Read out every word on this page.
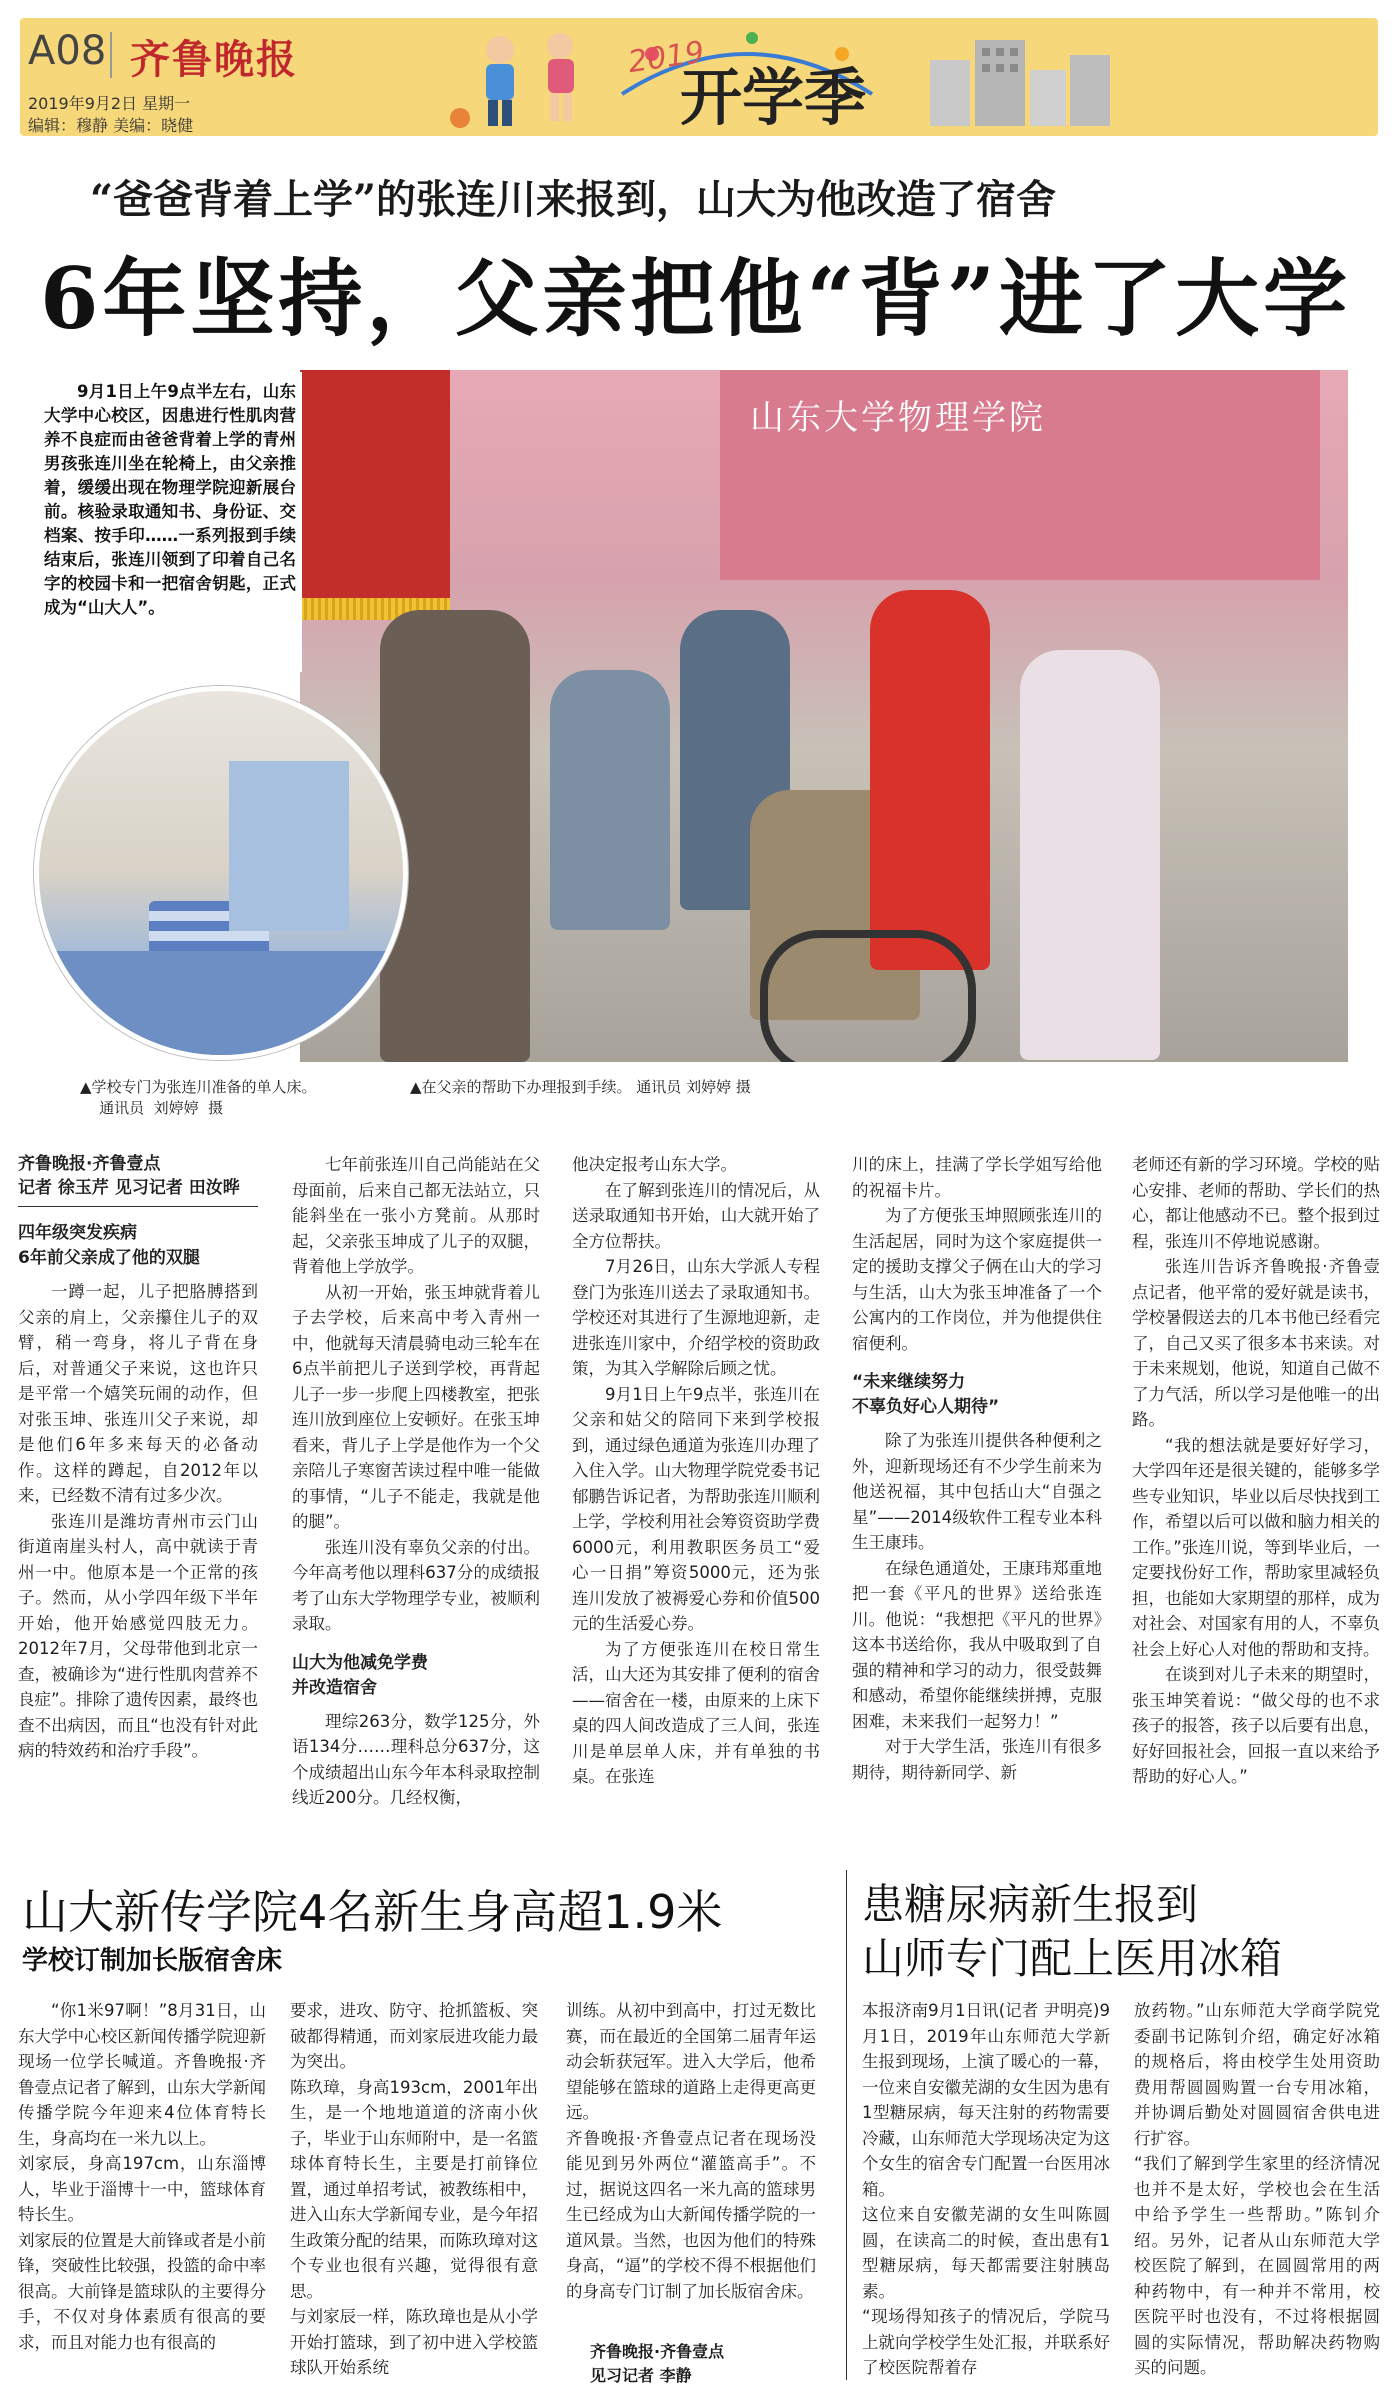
A08 齐鲁晚报
2019年9月2日 星期一
编辑：穆静 美编：晓健
2019
开学季
“爸爸背着上学”的张连川来报到，山大为他改造了宿舍
6年坚持，父亲把他“背”进了大学
山东大学物理学院

9月1日上午9点半左右，山东大学中心校区，因患进行性肌肉营养不良症而由爸爸背着上学的青州男孩张连川坐在轮椅上，由父亲推着，缓缓出现在物理学院迎新展台前。核验录取通知书、身份证、交档案、按手印……一系列报到手续结束后，张连川领到了印着自己名字的校园卡和一把宿舍钥匙，正式成为“山大人”。

▲学校专门为张连川准备的单人床。
通讯员  刘婷婷  摄
▲在父亲的帮助下办理报到手续。 通讯员 刘婷婷 摄
齐鲁晚报·齐鲁壹点
记者 徐玉芹 见习记者 田汝晔
四年级突发疾病
6年前父亲成了他的双腿

一蹲一起，儿子把胳膊搭到父亲的肩上，父亲攥住儿子的双臂，稍一弯身，将儿子背在身后，对普通父子来说，这也许只是平常一个嬉笑玩闹的动作，但对张玉坤、张连川父子来说，却是他们6年多来每天的必备动作。这样的蹲起，自2012年以来，已经数不清有过多少次。

张连川是潍坊青州市云门山街道南崖头村人，高中就读于青州一中。他原本是一个正常的孩子。然而，从小学四年级下半年开始，他开始感觉四肢无力。2012年7月，父母带他到北京一查，被确诊为“进行性肌肉营养不良症”。排除了遗传因素，最终也查不出病因，而且“也没有针对此病的特效药和治疗手段”。

七年前张连川自己尚能站在父母面前，后来自己都无法站立，只能斜坐在一张小方凳前。从那时起，父亲张玉坤成了儿子的双腿，背着他上学放学。

从初一开始，张玉坤就背着儿子去学校，后来高中考入青州一中，他就每天清晨骑电动三轮车在6点半前把儿子送到学校，再背起儿子一步一步爬上四楼教室，把张连川放到座位上安顿好。在张玉坤看来，背儿子上学是他作为一个父亲陪儿子寒窗苦读过程中唯一能做的事情，“儿子不能走，我就是他的腿”。

张连川没有辜负父亲的付出。今年高考他以理科637分的成绩报考了山东大学物理学专业，被顺利录取。

山大为他减免学费
并改造宿舍

理综263分，数学125分，外语134分……理科总分637分，这个成绩超出山东今年本科录取控制线近200分。几经权衡，

他决定报考山东大学。

在了解到张连川的情况后，从送录取通知书开始，山大就开始了全方位帮扶。

7月26日，山东大学派人专程登门为张连川送去了录取通知书。学校还对其进行了生源地迎新，走进张连川家中，介绍学校的资助政策，为其入学解除后顾之忧。

9月1日上午9点半，张连川在父亲和姑父的陪同下来到学校报到，通过绿色通道为张连川办理了入住入学。山大物理学院党委书记郁鹏告诉记者，为帮助张连川顺利上学，学校利用社会筹资资助学费6000元，利用教职医务员工“爱心一日捐”筹资5000元，还为张连川发放了被褥爱心券和价值500元的生活爱心券。

为了方便张连川在校日常生活，山大还为其安排了便利的宿舍——宿舍在一楼，由原来的上床下桌的四人间改造成了三人间，张连川是单层单人床，并有单独的书桌。在张连

川的床上，挂满了学长学姐写给他的祝福卡片。

为了方便张玉坤照顾张连川的生活起居，同时为这个家庭提供一定的援助支撑父子俩在山大的学习与生活，山大为张玉坤准备了一个公寓内的工作岗位，并为他提供住宿便利。

“未来继续努力
不辜负好心人期待”

除了为张连川提供各种便利之外，迎新现场还有不少学生前来为他送祝福，其中包括山大“自强之星”——2014级软件工程专业本科生王康玮。

在绿色通道处，王康玮郑重地把一套《平凡的世界》送给张连川。他说：“我想把《平凡的世界》这本书送给你，我从中吸取到了自强的精神和学习的动力，很受鼓舞和感动，希望你能继续拼搏，克服困难，未来我们一起努力！”

对于大学生活，张连川有很多期待，期待新同学、新

老师还有新的学习环境。学校的贴心安排、老师的帮助、学长们的热心，都让他感动不已。整个报到过程，张连川不停地说感谢。

张连川告诉齐鲁晚报·齐鲁壹点记者，他平常的爱好就是读书，学校暑假送去的几本书他已经看完了，自己又买了很多本书来读。对于未来规划，他说，知道自己做不了力气活，所以学习是他唯一的出路。

“我的想法就是要好好学习，大学四年还是很关键的，能够多学些专业知识，毕业以后尽快找到工作，希望以后可以做和脑力相关的工作。”张连川说，等到毕业后，一定要找份好工作，帮助家里减轻负担，也能如大家期望的那样，成为对社会、对国家有用的人，不辜负社会上好心人对他的帮助和支持。

在谈到对儿子未来的期望时，张玉坤笑着说：“做父母的也不求孩子的报答，孩子以后要有出息，好好回报社会，回报一直以来给予帮助的好心人。”

山大新传学院4名新生身高超1.9米
学校订制加长版宿舍床
“你1米97啊！”8月31日，山东大学中心校区新闻传播学院迎新现场一位学长喊道。齐鲁晚报·齐鲁壹点记者了解到，山东大学新闻传播学院今年迎来4位体育特长生，身高均在一米九以上。
刘家辰，身高197cm，山东淄博人，毕业于淄博十一中，篮球体育特长生。
刘家辰的位置是大前锋或者是小前锋，突破性比较强，投篮的命中率很高。大前锋是篮球队的主要得分手，不仅对身体素质有很高的要求，而且对能力也有很高的
要求，进攻、防守、抢抓篮板、突破都得精通，而刘家辰进攻能力最为突出。
陈玖璋，身高193cm，2001年出生，是一个地地道道的济南小伙子，毕业于山东师附中，是一名篮球体育特长生，主要是打前锋位置，通过单招考试，被教练相中，进入山东大学新闻专业，是今年招生政策分配的结果，而陈玖璋对这个专业也很有兴趣，觉得很有意思。
与刘家辰一样，陈玖璋也是从小学开始打篮球，到了初中进入学校篮球队开始系统
训练。从初中到高中，打过无数比赛，而在最近的全国第二届青年运动会斩获冠军。进入大学后，他希望能够在篮球的道路上走得更高更远。
齐鲁晚报·齐鲁壹点记者在现场没能见到另外两位“灌篮高手”。不过，据说这四名一米九高的篮球男生已经成为山大新闻传播学院的一道风景。当然，也因为他们的特殊身高，“逼”的学校不得不根据他们的身高专门订制了加长版宿舍床。
齐鲁晚报·齐鲁壹点
见习记者 李静
患糖尿病新生报到
山师专门配上医用冰箱
本报济南9月1日讯(记者 尹明亮)9月1日，2019年山东师范大学新生报到现场，上演了暖心的一幕，一位来自安徽芜湖的女生因为患有1型糖尿病，每天注射的药物需要冷藏，山东师范大学现场决定为这个女生的宿舍专门配置一台医用冰箱。
这位来自安徽芜湖的女生叫陈圆圆，在读高二的时候，查出患有1型糖尿病，每天都需要注射胰岛素。
“现场得知孩子的情况后，学院马上就向学校学生处汇报，并联系好了校医院帮着存
放药物。”山东师范大学商学院党委副书记陈钊介绍，确定好冰箱的规格后，将由校学生处用资助费用帮圆圆购置一台专用冰箱，并协调后勤处对圆圆宿舍供电进行扩容。
“我们了解到学生家里的经济情况也并不是太好，学校也会在生活中给予学生一些帮助。”陈钊介绍。另外，记者从山东师范大学校医院了解到，在圆圆常用的两种药物中，有一种并不常用，校医院平时也没有，不过将根据圆圆的实际情况，帮助解决药物购买的问题。
